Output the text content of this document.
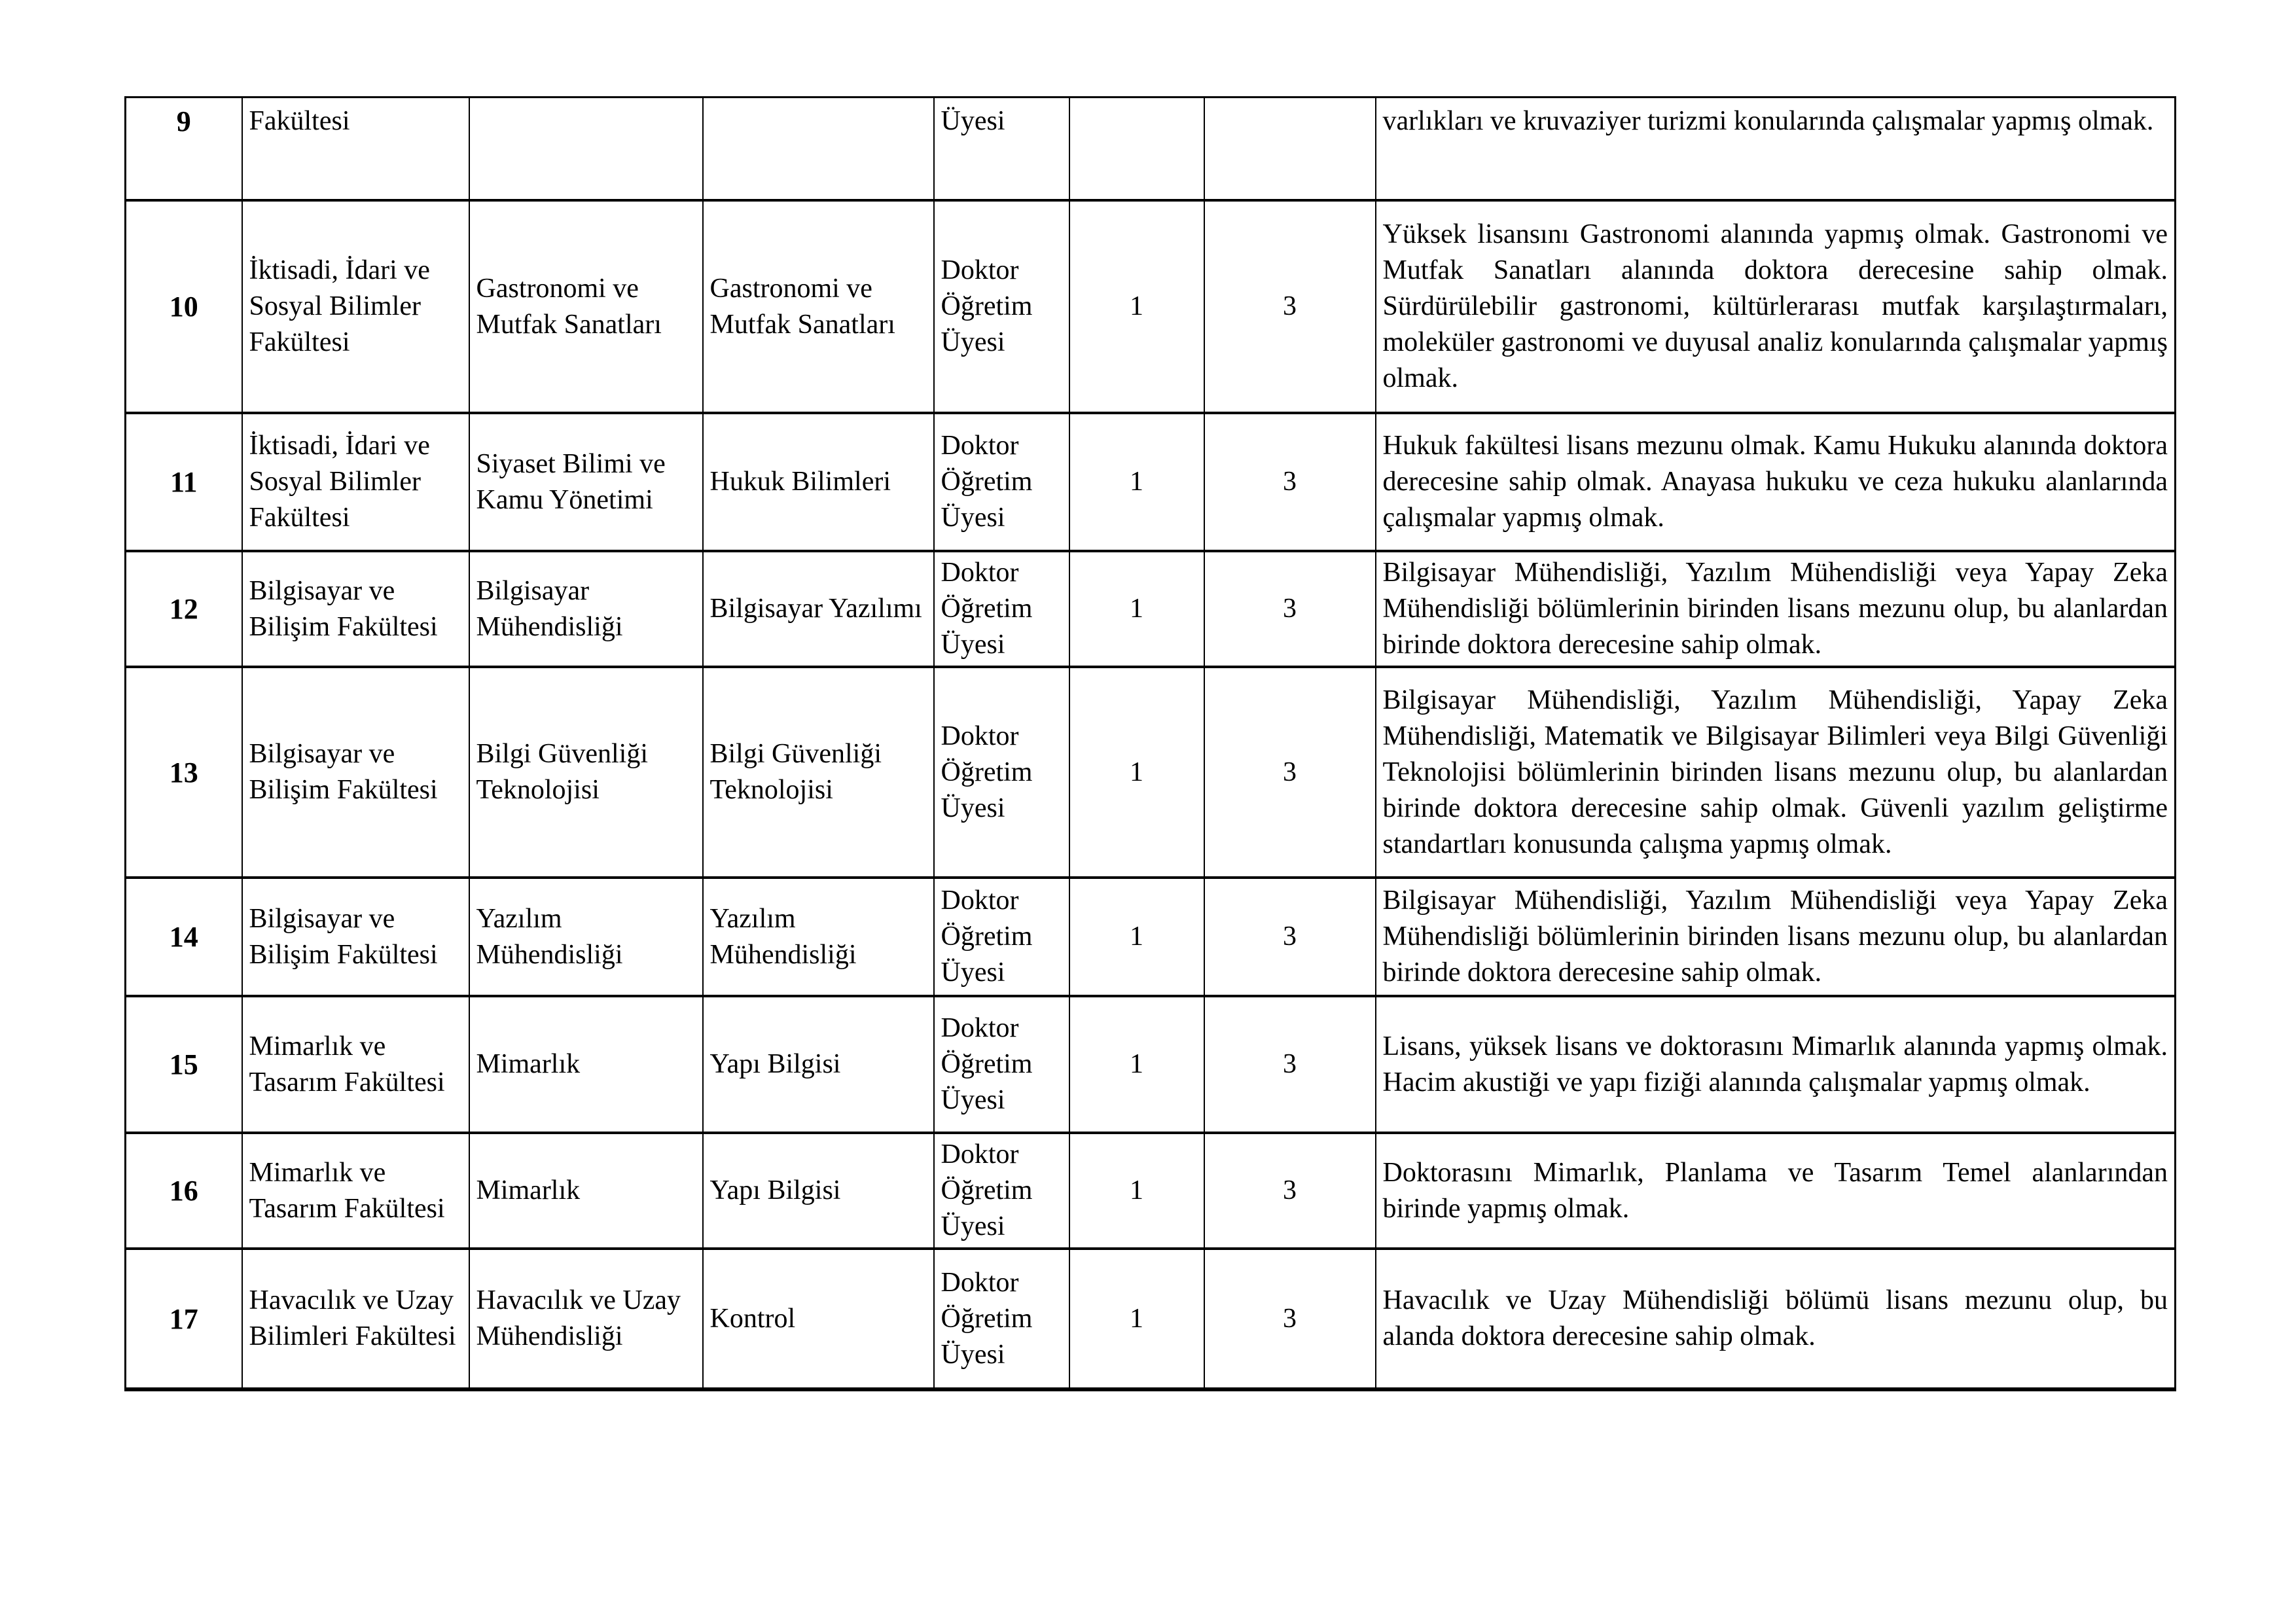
9	Fakültesi			Üyesi			varlıkları ve kruvaziyer turizmi konularında çalışmalar yapmış olmak.
10	İktisadi, İdari ve Sosyal Bilimler Fakültesi	Gastronomi ve Mutfak Sanatları	Gastronomi ve Mutfak Sanatları	Doktor Öğretim Üyesi	1	3	Yüksek lisansını Gastronomi alanında yapmış olmak. Gastronomi ve Mutfak Sanatları alanında doktora derecesine sahip olmak. Sürdürülebilir gastronomi, kültürlerarası mutfak karşılaştırmaları, moleküler gastronomi ve duyusal analiz konularında çalışmalar yapmış olmak.
11	İktisadi, İdari ve Sosyal Bilimler Fakültesi	Siyaset Bilimi ve Kamu Yönetimi	Hukuk Bilimleri	Doktor Öğretim Üyesi	1	3	Hukuk fakültesi lisans mezunu olmak. Kamu Hukuku alanında doktora derecesine sahip olmak. Anayasa hukuku ve ceza hukuku alanlarında çalışmalar yapmış olmak.
12	Bilgisayar ve Bilişim Fakültesi	Bilgisayar Mühendisliği	Bilgisayar Yazılımı	Doktor Öğretim Üyesi	1	3	Bilgisayar Mühendisliği, Yazılım Mühendisliği veya Yapay Zeka Mühendisliği bölümlerinin birinden lisans mezunu olup, bu alanlardan birinde doktora derecesine sahip olmak.
13	Bilgisayar ve Bilişim Fakültesi	Bilgi Güvenliği Teknolojisi	Bilgi Güvenliği Teknolojisi	Doktor Öğretim Üyesi	1	3	Bilgisayar Mühendisliği, Yazılım Mühendisliği, Yapay Zeka Mühendisliği, Matematik ve Bilgisayar Bilimleri veya Bilgi Güvenliği Teknolojisi bölümlerinin birinden lisans mezunu olup, bu alanlardan birinde doktora derecesine sahip olmak. Güvenli yazılım geliştirme standartları konusunda çalışma yapmış olmak.
14	Bilgisayar ve Bilişim Fakültesi	Yazılım Mühendisliği	Yazılım Mühendisliği	Doktor Öğretim Üyesi	1	3	Bilgisayar Mühendisliği, Yazılım Mühendisliği veya Yapay Zeka Mühendisliği bölümlerinin birinden lisans mezunu olup, bu alanlardan birinde doktora derecesine sahip olmak.
15	Mimarlık ve Tasarım Fakültesi	Mimarlık	Yapı Bilgisi	Doktor Öğretim Üyesi	1	3	Lisans, yüksek lisans ve doktorasını Mimarlık alanında yapmış olmak. Hacim akustiği ve yapı fiziği alanında çalışmalar yapmış olmak.
16	Mimarlık ve Tasarım Fakültesi	Mimarlık	Yapı Bilgisi	Doktor Öğretim Üyesi	1	3	Doktorasını Mimarlık, Planlama ve Tasarım Temel alanlarından birinde yapmış olmak.
17	Havacılık ve Uzay Bilimleri Fakültesi	Havacılık ve Uzay Mühendisliği	Kontrol	Doktor Öğretim Üyesi	1	3	Havacılık ve Uzay Mühendisliği bölümü lisans mezunu olup, bu alanda doktora derecesine sahip olmak.
